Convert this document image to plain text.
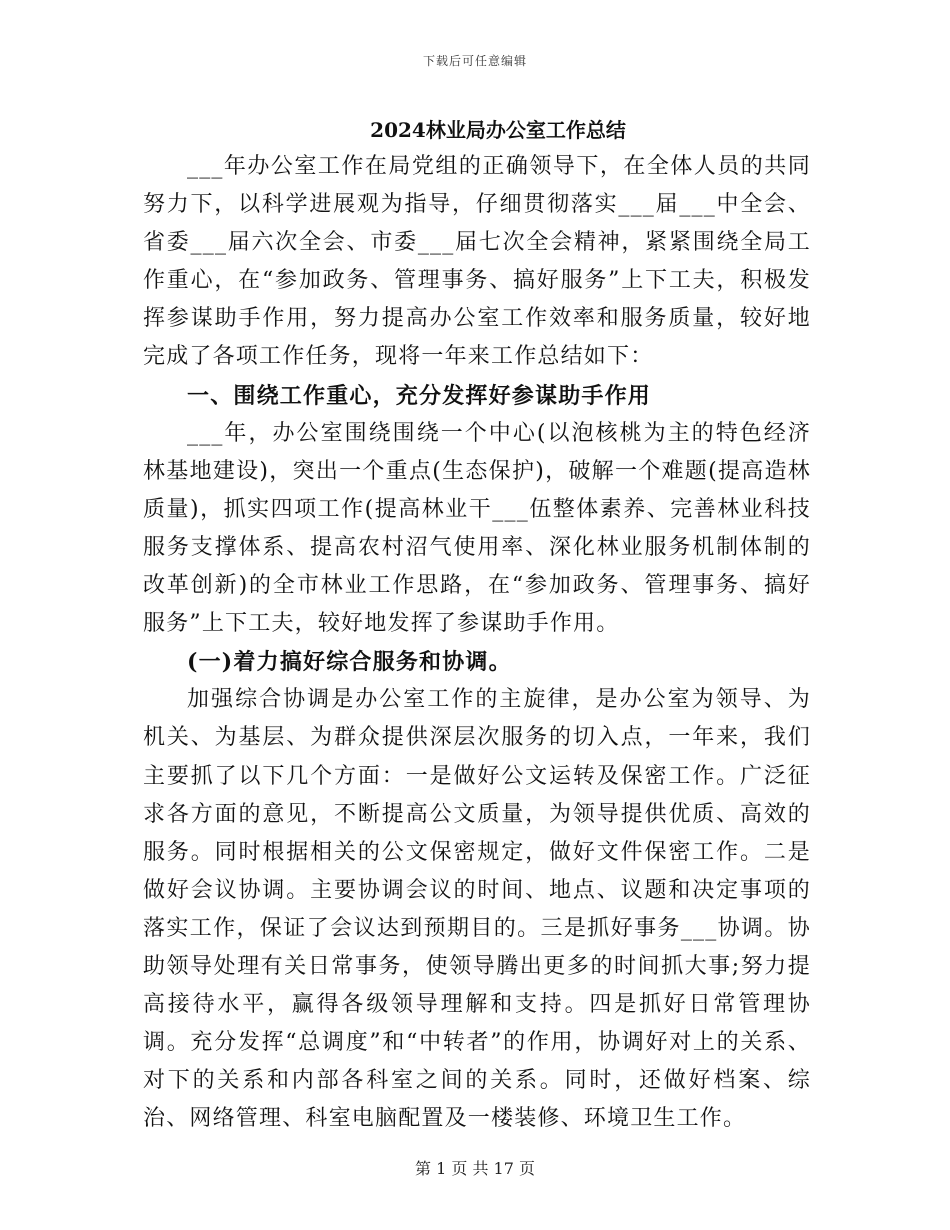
下载后可任意编辑
2024林业局办公室工作总结

___年办公室工作在局党组的正确领导下，在全体人员的共同努力下，以科学进展观为指导，仔细贯彻落实___届___中全会、省委___届六次全会、市委___届七次全会精神，紧紧围绕全局工作重心，在“参加政务、管理事务、搞好服务”上下工夫，积极发挥参谋助手作用，努力提高办公室工作效率和服务质量，较好地完成了各项工作任务，现将一年来工作总结如下：

一、围绕工作重心，充分发挥好参谋助手作用

___年，办公室围绕围绕一个中心(以泡核桃为主的特色经济林基地建设)，突出一个重点(生态保护)，破解一个难题(提高造林质量)，抓实四项工作(提高林业干___伍整体素养、完善林业科技服务支撑体系、提高农村沼气使用率、深化林业服务机制体制的改革创新)的全市林业工作思路，在“参加政务、管理事务、搞好服务”上下工夫，较好地发挥了参谋助手作用。

(一)着力搞好综合服务和协调。

加强综合协调是办公室工作的主旋律，是办公室为领导、为机关、为基层、为群众提供深层次服务的切入点，一年来，我们主要抓了以下几个方面：一是做好公文运转及保密工作。广泛征求各方面的意见，不断提高公文质量，为领导提供优质、高效的服务。同时根据相关的公文保密规定，做好文件保密工作。二是做好会议协调。主要协调会议的时间、地点、议题和决定事项的落实工作，保证了会议达到预期目的。三是抓好事务___协调。协助领导处理有关日常事务，使领导腾出更多的时间抓大事;努力提高接待水平，赢得各级领导理解和支持。四是抓好日常管理协调。充分发挥“总调度”和“中转者”的作用，协调好对上的关系、对下的关系和内部各科室之间的关系。同时，还做好档案、综治、网络管理、科室电脑配置及一楼装修、环境卫生工作。

第 1 页 共 17 页
